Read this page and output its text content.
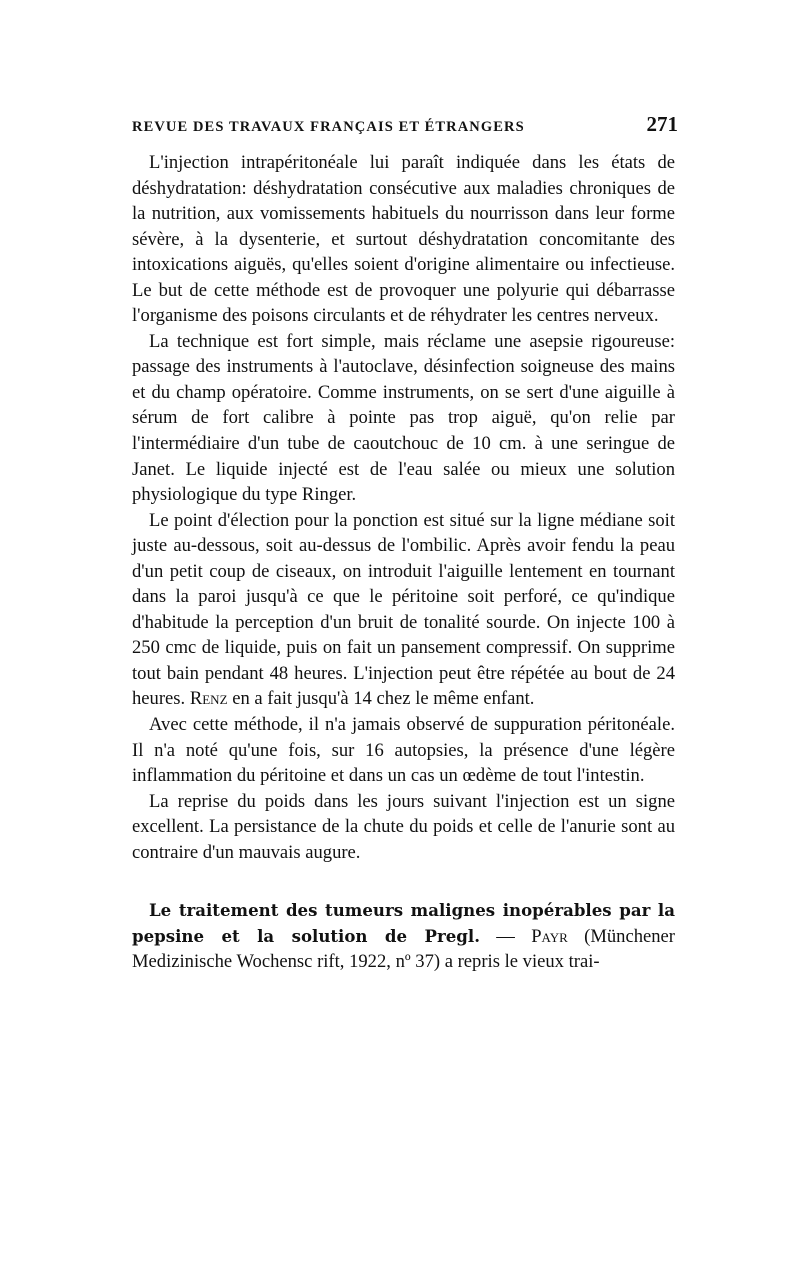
REVUE DES TRAVAUX FRANÇAIS ET ÉTRANGERS	271

L'injection intrapéritonéale lui paraît indiquée dans les états de déshydratation: déshydratation consécutive aux maladies chroniques de la nutrition, aux vomissements habituels du nourrisson dans leur forme sévère, à la dysenterie, et surtout déshydratation concomitante des intoxications aiguës, qu'elles soient d'origine alimentaire ou infectieuse. Le but de cette méthode est de provoquer une polyurie qui débarrasse l'organisme des poisons circulants et de réhydrater les centres nerveux.

La technique est fort simple, mais réclame une asepsie rigoureuse: passage des instruments à l'autoclave, désinfection soigneuse des mains et du champ opératoire. Comme instruments, on se sert d'une aiguille à sérum de fort calibre à pointe pas trop aiguë, qu'on relie par l'intermédiaire d'un tube de caoutchouc de 10 cm. à une seringue de Janet. Le liquide injecté est de l'eau salée ou mieux une solution physiologique du type Ringer.

Le point d'élection pour la ponction est situé sur la ligne médiane soit juste au-dessous, soit au-dessus de l'ombilic. Après avoir fendu la peau d'un petit coup de ciseaux, on introduit l'aiguille lentement en tournant dans la paroi jusqu'à ce que le péritoine soit perforé, ce qu'indique d'habitude la perception d'un bruit de tonalité sourde. On injecte 100 à 250 cmc de liquide, puis on fait un pansement compressif. On supprime tout bain pendant 48 heures. L'injection peut être répétée au bout de 24 heures. Renz en a fait jusqu'à 14 chez le même enfant.

Avec cette méthode, il n'a jamais observé de suppuration péritonéale. Il n'a noté qu'une fois, sur 16 autopsies, la présence d'une légère inflammation du péritoine et dans un cas un œdème de tout l'intestin.

La reprise du poids dans les jours suivant l'injection est un signe excellent. La persistance de la chute du poids et celle de l'anurie sont au contraire d'un mauvais augure.

Le traitement des tumeurs malignes inopérables par la pepsine et la solution de Pregl. — Payr (Münchener Medizinische Wochensc rift, 1922, nº 37) a repris le vieux trai-
